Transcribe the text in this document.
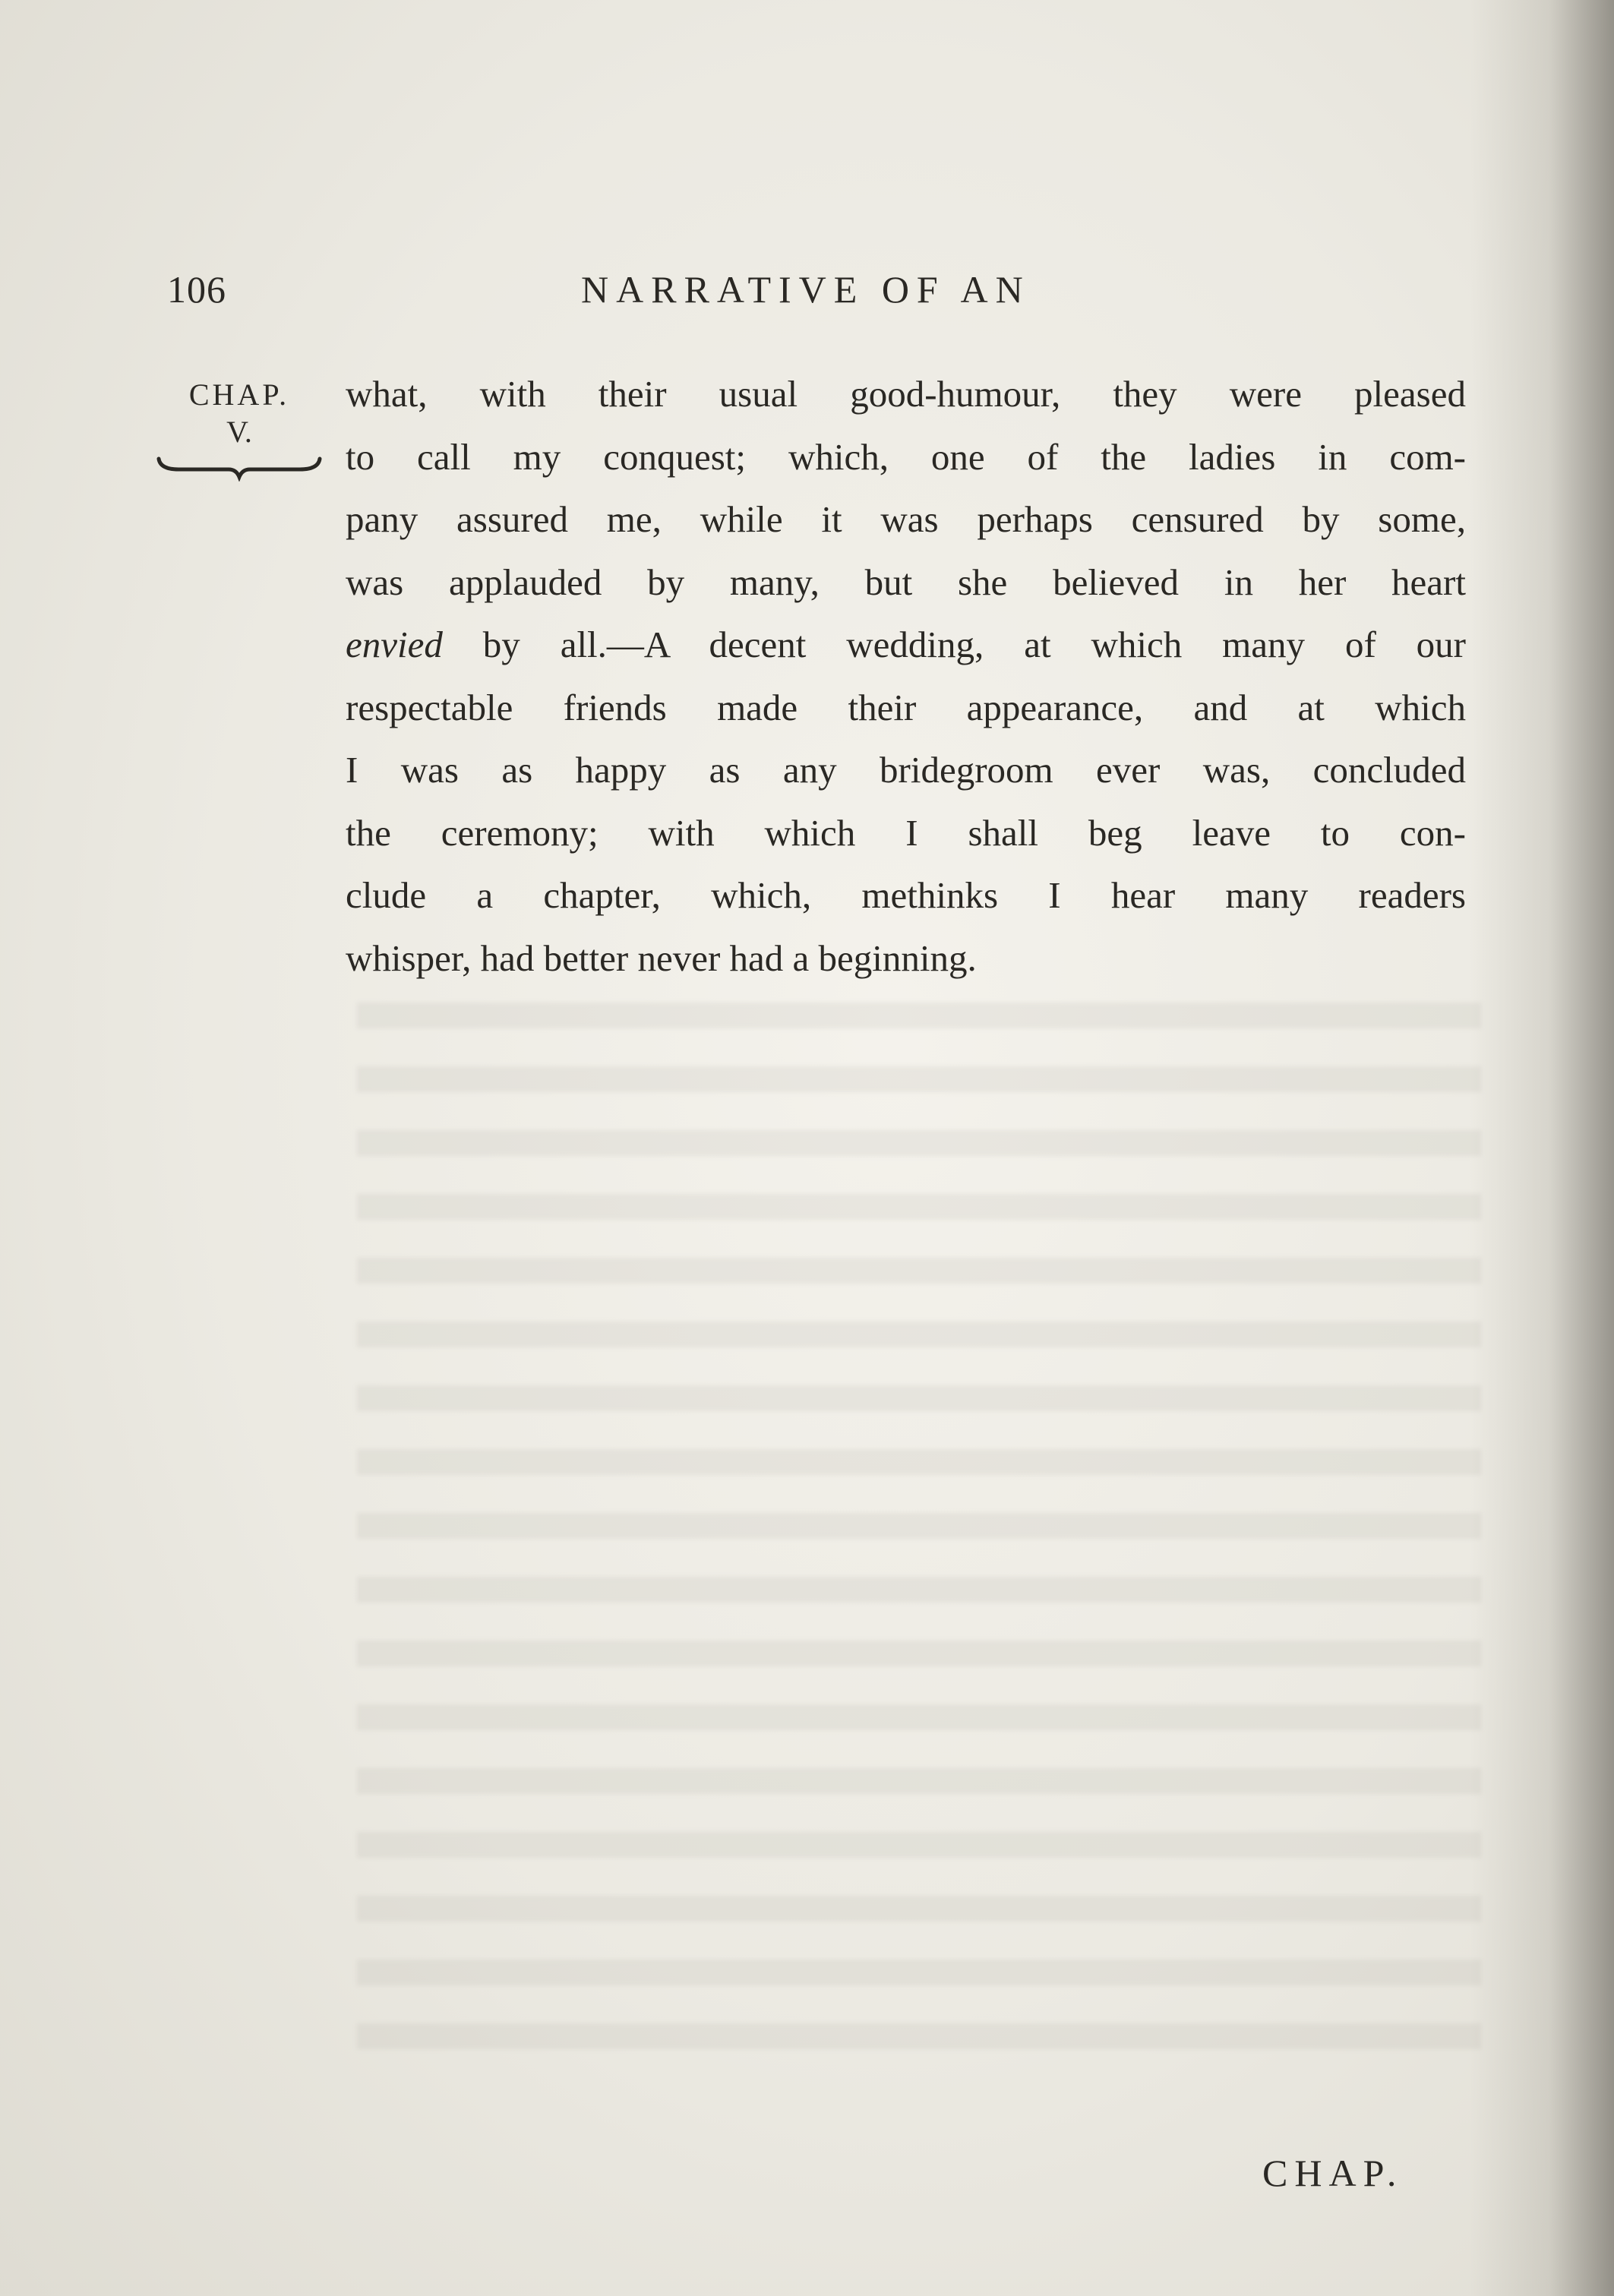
106	NARRATIVE OF AN
CHAP.
V.
what, with their usual good-humour, they were pleased
to call my conquest; which, one of the ladies in com-
pany assured me, while it was perhaps censured by some,
was applauded by many, but she believed in her heart
envied by all.—A decent wedding, at which many of our
respectable friends made their appearance, and at which
I was as happy as any bridegroom ever was, concluded
the ceremony; with which I shall beg leave to con-
clude a chapter, which, methinks I hear many readers
whisper, had better never had a beginning.
CHAP.
